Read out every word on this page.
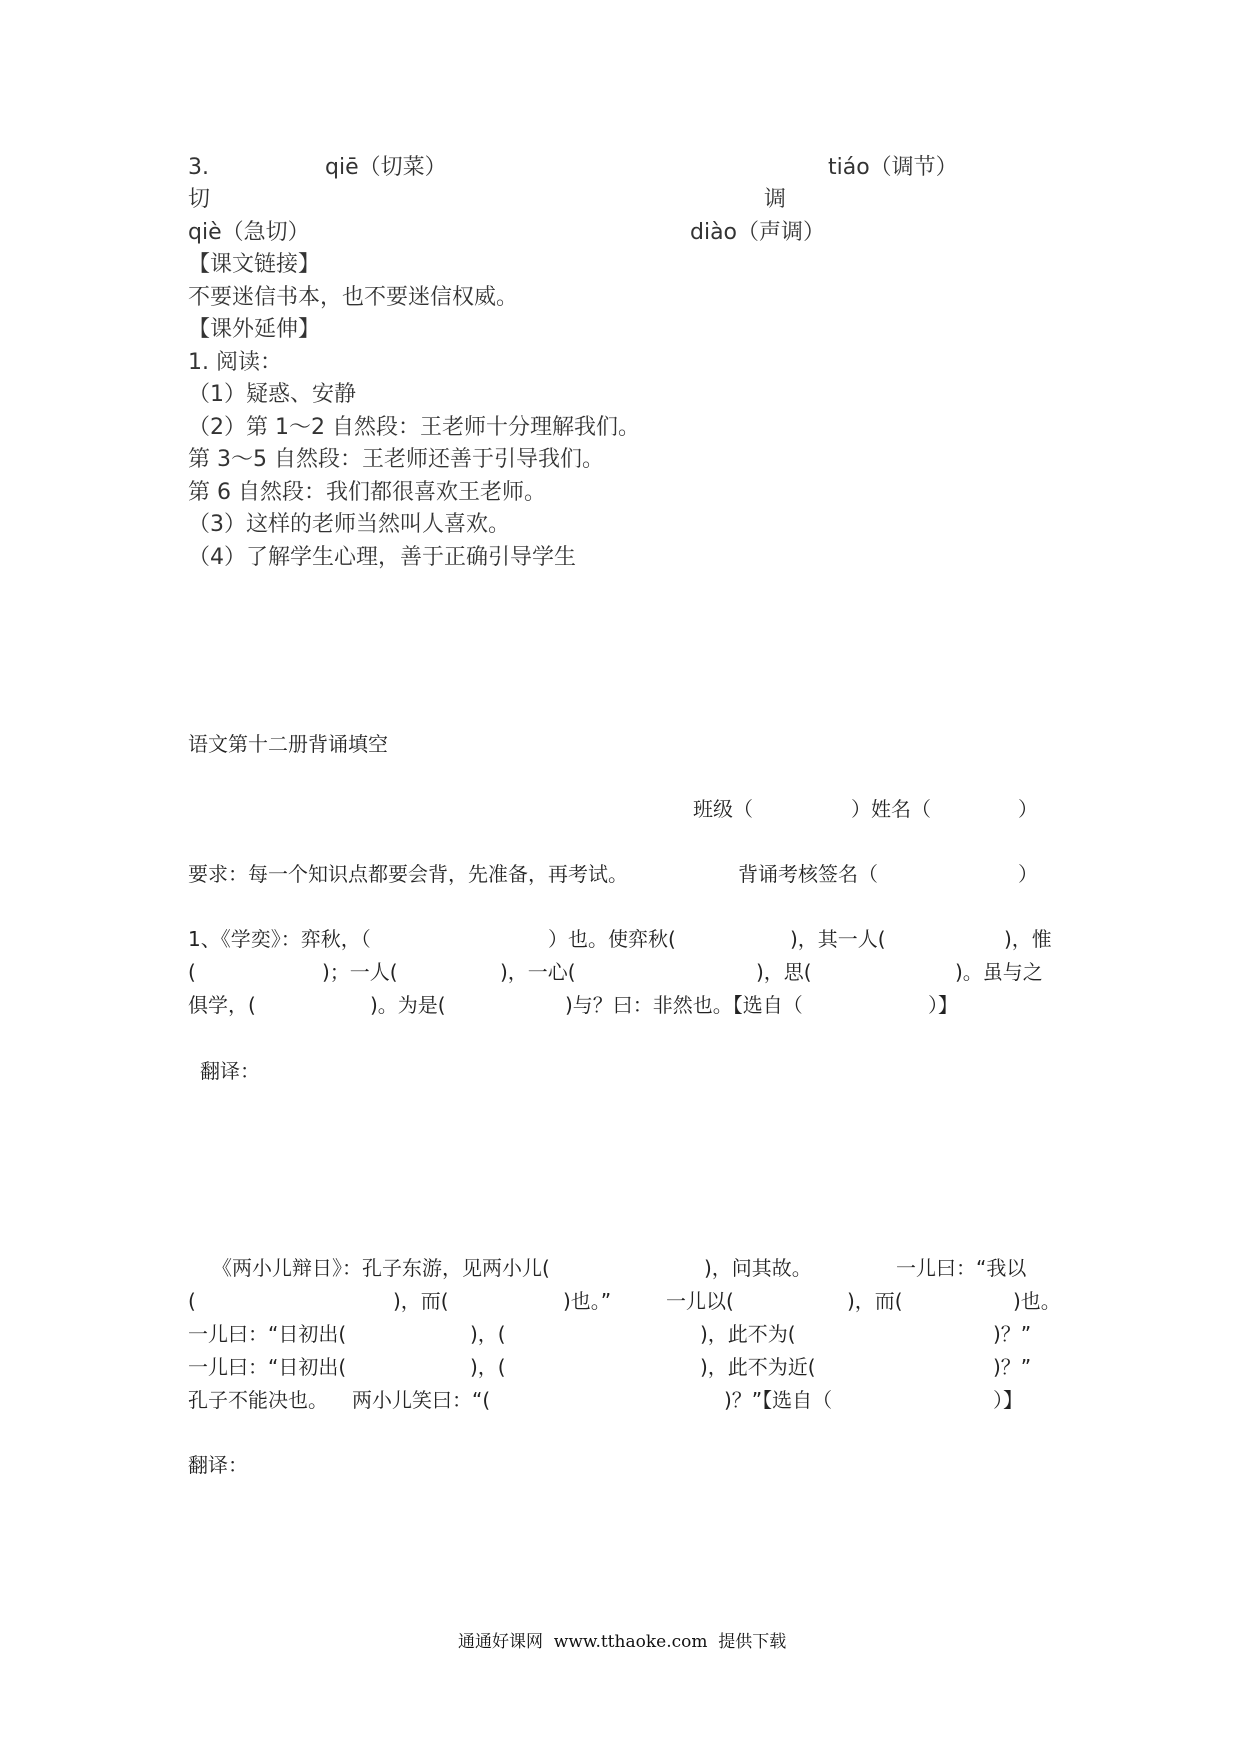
3.	qiē（切菜）	tiáo（调节）
切	调
qiè（急切）	diào（声调）
【课文链接】
不要迷信书本，也不要迷信权威。
【课外延伸】
1. 阅读：
（1）疑惑、安静
（2）第 1～2 自然段：王老师十分理解我们。
第 3～5 自然段：王老师还善于引导我们。
第 6 自然段：我们都很喜欢王老师。
（3）这样的老师当然叫人喜欢。
（4）了解学生心理，善于正确引导学生
语文第十二册背诵填空
班级（	）姓名（	）
要求：每一个知识点都要会背，先准备，再考试。	背诵考核签名（	）
1、《学奕》：弈秋，（	）也。使弈秋(	)，其一人(	)，惟
(	)；一人(	)，一心(	)，思(	)。虽与之
俱学，(	)。为是(	)与？曰：非然也。【选自（	）】
翻译：
《两小儿辩日》：孔子东游，见两小儿(	)，问其故。	一儿曰：“我以
(	)，而(	)也。”	一儿以(	)，而(	)也。
一儿曰：“日初出(	)，(	)，此不为(	)？”
一儿曰：“日初出(	)，(	)，此不为近(	)？”
孔子不能决也。 两小儿笑曰：“(	)？”【选自（	）】
翻译：
通通好课网  www.tthaoke.com  提供下载
